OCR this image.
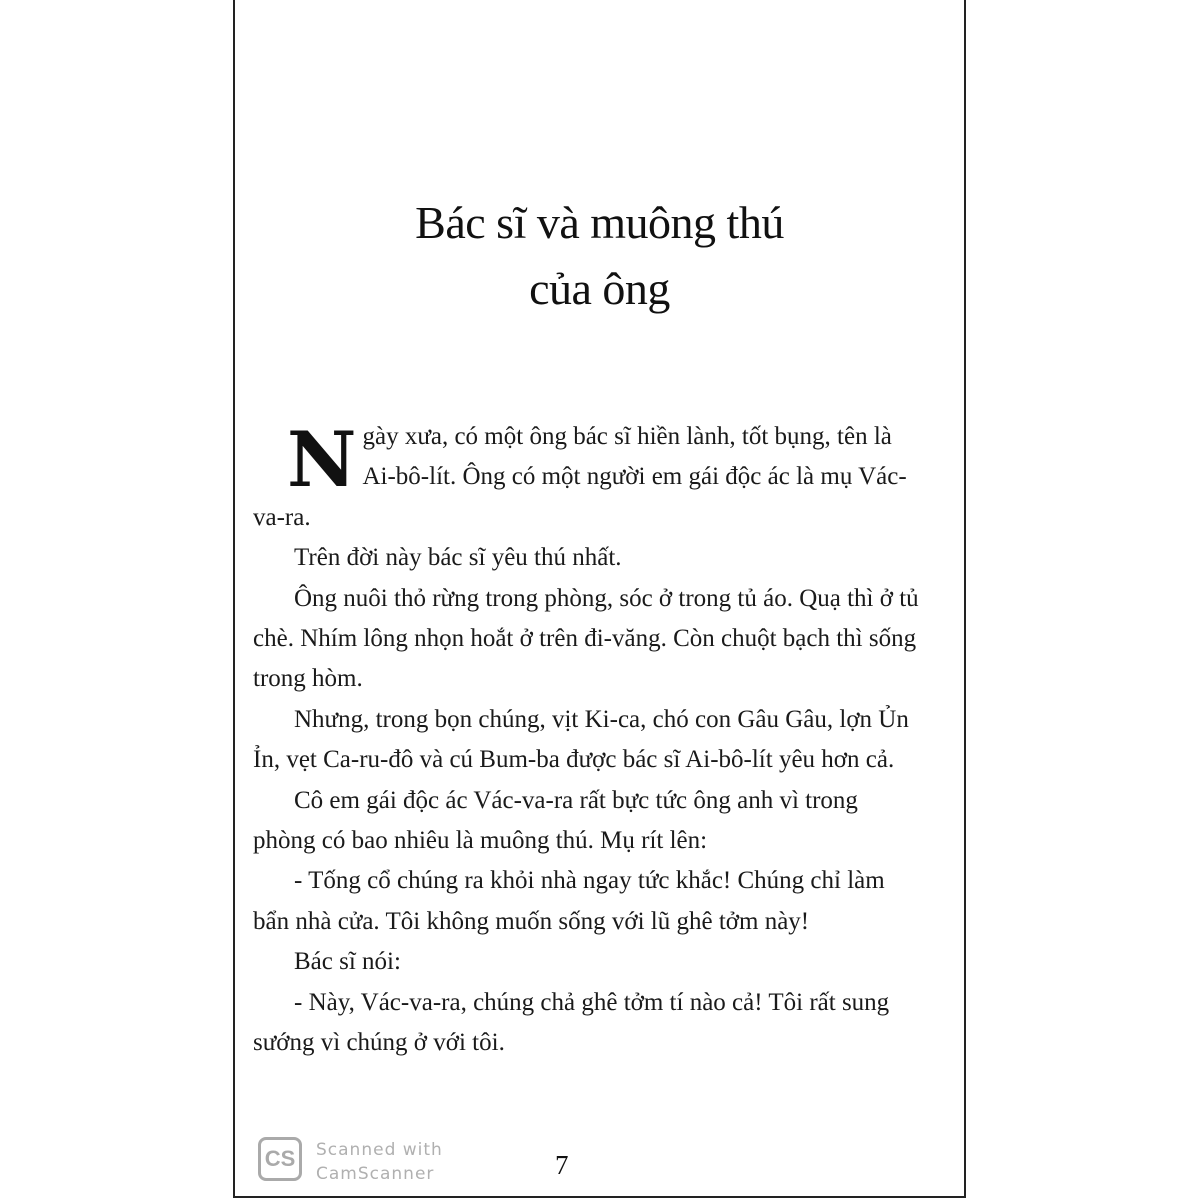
Bác sĩ và muông thú
của ông

Ngày xưa, có một ông bác sĩ hiền lành, tốt bụng, tên là Ai-bô-lít. Ông có một người em gái độc ác là mụ Vác-va-ra.

Trên đời này bác sĩ yêu thú nhất.

Ông nuôi thỏ rừng trong phòng, sóc ở trong tủ áo. Quạ thì ở tủ chè. Nhím lông nhọn hoắt ở trên đi-văng. Còn chuột bạch thì sống trong hòm.

Nhưng, trong bọn chúng, vịt Ki-ca, chó con Gâu Gâu, lợn Ủn Ỉn, vẹt Ca-ru-đô và cú Bum-ba được bác sĩ Ai-bô-lít yêu hơn cả.

Cô em gái độc ác Vác-va-ra rất bực tức ông anh vì trong phòng có bao nhiêu là muông thú. Mụ rít lên:

- Tống cổ chúng ra khỏi nhà ngay tức khắc! Chúng chỉ làm bẩn nhà cửa. Tôi không muốn sống với lũ ghê tởm này!

Bác sĩ nói:

- Này, Vác-va-ra, chúng chả ghê tởm tí nào cả! Tôi rất sung sướng vì chúng ở với tôi.

CS	Scanned with
CamScanner	7
